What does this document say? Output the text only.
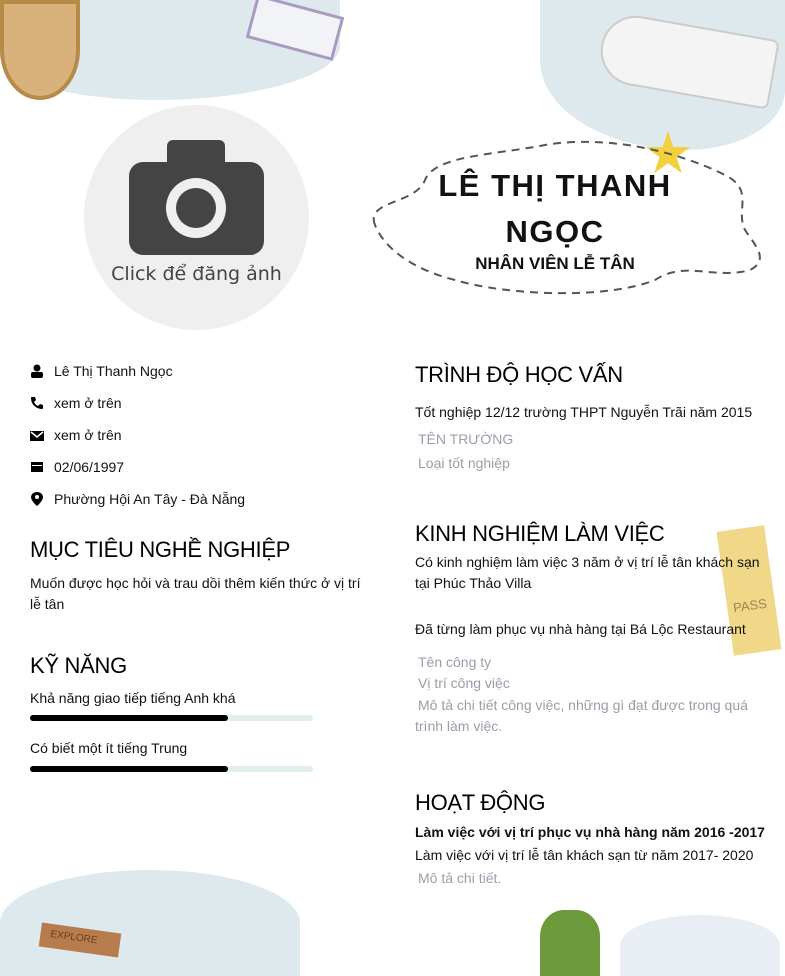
★
PASS
EXPLORE
Click để đăng ảnh
LÊ THỊ THANH NGỌC
NHÂN VIÊN LỄ TÂN
Lê Thị Thanh Ngọc
xem ở trên
xem ở trên
02/06/1997
Phường Hội An Tây - Đà Nẵng
MỤC TIÊU NGHỀ NGHIỆP
Muốn được học hỏi và trau dồi thêm kiến thức ở vị trí lễ tân
KỸ NĂNG
Khả năng giao tiếp tiếng Anh khá
Có biết một ít tiếng Trung
TRÌNH ĐỘ HỌC VẤN
Tốt nghiệp 12/12 trường THPT Nguyễn Trãi năm 2015
TÊN TRƯỜNG
Loại tốt nghiệp
KINH NGHIỆM LÀM VIỆC
Có kinh nghiệm làm việc 3 năm ở vị trí lễ tân khách sạn tại Phúc Thảo Villa
Đã từng làm phục vụ nhà hàng tại Bá Lộc Restaurant
Tên công ty
Vị trí công việc
Mô tả chi tiết công việc, những gì đạt được trong quá trình làm việc.
HOẠT ĐỘNG
Làm việc với vị trí phục vụ nhà hàng năm 2016 -2017
Làm việc với vị trí lễ tân khách sạn từ năm 2017- 2020
Mô tả chi tiết.
